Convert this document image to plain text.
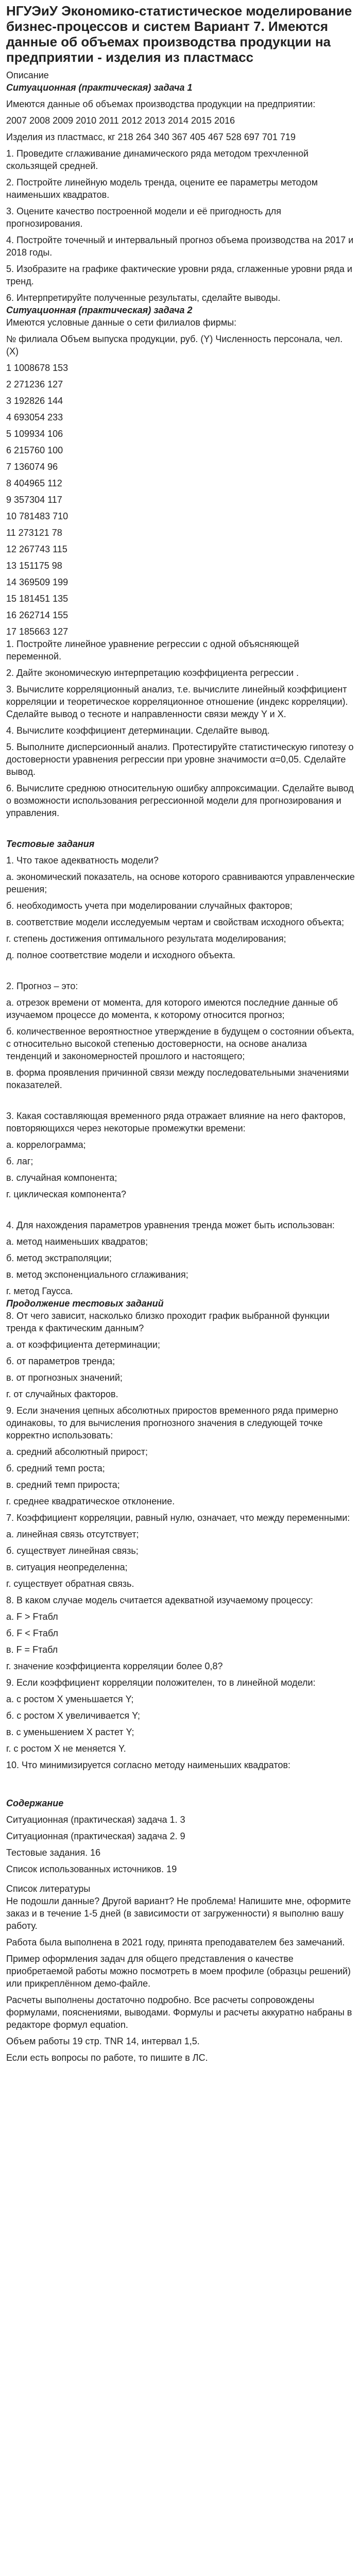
НГУЭиУ Экономико-статистическое моделирование бизнес-процессов и систем Вариант 7. Имеются данные об объемах производства продукции на предприятии - изделия из пластмасс
Описание
Ситуационная (практическая) задача 1
Имеются данные об объемах производства продукции на предприятии:
2007 2008 2009 2010 2011 2012 2013 2014 2015 2016
Изделия из пластмасс, кг 218 264 340 367 405 467 528 697 701 719
1. Проведите сглаживание динамического ряда методом трехчленной скользящей средней.
2. Постройте линейную модель тренда, оцените ее параметры методом наименьших квадратов.
3. Оцените качество построенной модели и её пригодность для прогнозирования.
4. Постройте точечный и интервальный прогноз объема производства на 2017 и 2018 годы.
5. Изобразите на графике фактические уровни ряда, сглаженные уровни ряда и тренд.
6. Интерпретируйте полученные результаты, сделайте выводы.
Ситуационная (практическая) задача 2
Имеются условные данные о сети филиалов фирмы:
№ филиала Объем выпуска продукции, руб. (Y) Численность персонала, чел. (Х)
1 1008678 153
2 271236 127
3 192826 144
4 693054 233
5 109934 106
6 215760 100
7 136074 96
8 404965 112
9 357304 117
10 781483 710
11 273121 78
12 267743 115
13 151175 98
14 369509 199
15 181451 135
16 262714 155
17 185663 127
1. Постройте линейное уравнение регрессии с одной объясняющей переменной.
2. Дайте экономическую интерпретацию коэффициента регрессии .
3. Вычислите корреляционный анализ, т.е. вычислите линейный коэффициент корреляции и теоретическое корреляционное отношение (индекс корреляции). Сделайте вывод о тесноте и направленности связи между Y и X.
4. Вычислите коэффициент детерминации. Сделайте вывод.
5. Выполните дисперсионный анализ. Протестируйте статистическую гипотезу о достоверности уравнения регрессии при уровне значимости α=0,05. Сделайте вывод.
6. Вычислите среднюю относительную ошибку аппроксимации. Сделайте вывод о возможности использования регрессионной модели для прогнозирования и управления.
Тестовые задания
1. Что такое адекватность модели?
а. экономический показатель, на основе которого сравниваются управленческие решения;
б. необходимость учета при моделировании случайных факторов;
в. соответствие модели исследуемым чертам и свойствам исходного объекта;
г. степень достижения оптимального результата моделирования;
д. полное соответствие модели и исходного объекта.
2. Прогноз – это:
а. отрезок времени от момента, для которого имеются последние данные об изучаемом процессе до момента, к которому относится прогноз;
б. количественное вероятностное утверждение в будущем о состоянии объекта, с относительно высокой степенью достоверности, на основе анализа тенденций и закономерностей прошлого и настоящего;
в. форма проявления причинной связи между последовательными значениями показателей.
3. Какая составляющая временного ряда отражает влияние на него факторов, повторяющихся через некоторые промежутки времени:
а. коррелограмма;
б. лаг;
в. случайная компонента;
г. циклическая компонента?
4. Для нахождения параметров уравнения тренда может быть использован:
а. метод наименьших квадратов;
б. метод экстраполяции;
в. метод экспоненциального сглаживания;
г. метод Гаусса.
Продолжение тестовых заданий
8. От чего зависит, насколько близко проходит график выбранной функции тренда к фактическим данным?
а. от коэффициента детерминации;
б. от параметров тренда;
в. от прогнозных значений;
г. от случайных факторов.
9. Если значения цепных абсолютных приростов временного ряда примерно одинаковы, то для вычисления прогнозного значения в следующей точке корректно использовать:
а. средний абсолютный прирост;
б. средний темп роста;
в. средний темп прироста;
г. среднее квадратическое отклонение.
7. Коэффициент корреляции, равный нулю, означает, что между переменными:
а. линейная связь отсутствует;
б. существует линейная связь;
в. ситуация неопределенна;
г. существует обратная связь.
8. В каком случае модель считается адекватной изучаемому процессу:
а. F > Fтабл
б. F < Fтабл
в. F = Fтабл
г. значение коэффициента корреляции более 0,8?
9. Если коэффициент корреляции положителен, то в линейной модели:
а. с ростом X уменьшается Y;
б. с ростом Х увеличивается Y;
в. с уменьшением Х растет Y;
г. с ростом Х не меняется Y.
10. Что минимизируется согласно методу наименьших квадратов:
Содержание
Ситуационная (практическая) задача 1. 3
Ситуационная (практическая) задача 2. 9
Тестовые задания. 16
Список использованных источников. 19
Список литературы
Не подошли данные? Другой вариант? Не проблема! Напишите мне, оформите заказ и в течение 1-5 дней (в зависимости от загруженности) я выполню вашу работу.
Работа была выполнена в 2021 году, принята преподавателем без замечаний.
Пример оформления задач для общего представления о качестве приобретаемой работы можно посмотреть в моем профиле (образцы решений) или прикреплённом демо-файле.
Расчеты выполнены достаточно подробно. Все расчеты сопровождены формулами, пояснениями, выводами. Формулы и расчеты аккуратно набраны в редакторе формул equation.
Объем работы 19 стр. TNR 14, интервал 1,5.
Если есть вопросы по работе, то пишите в ЛС.
